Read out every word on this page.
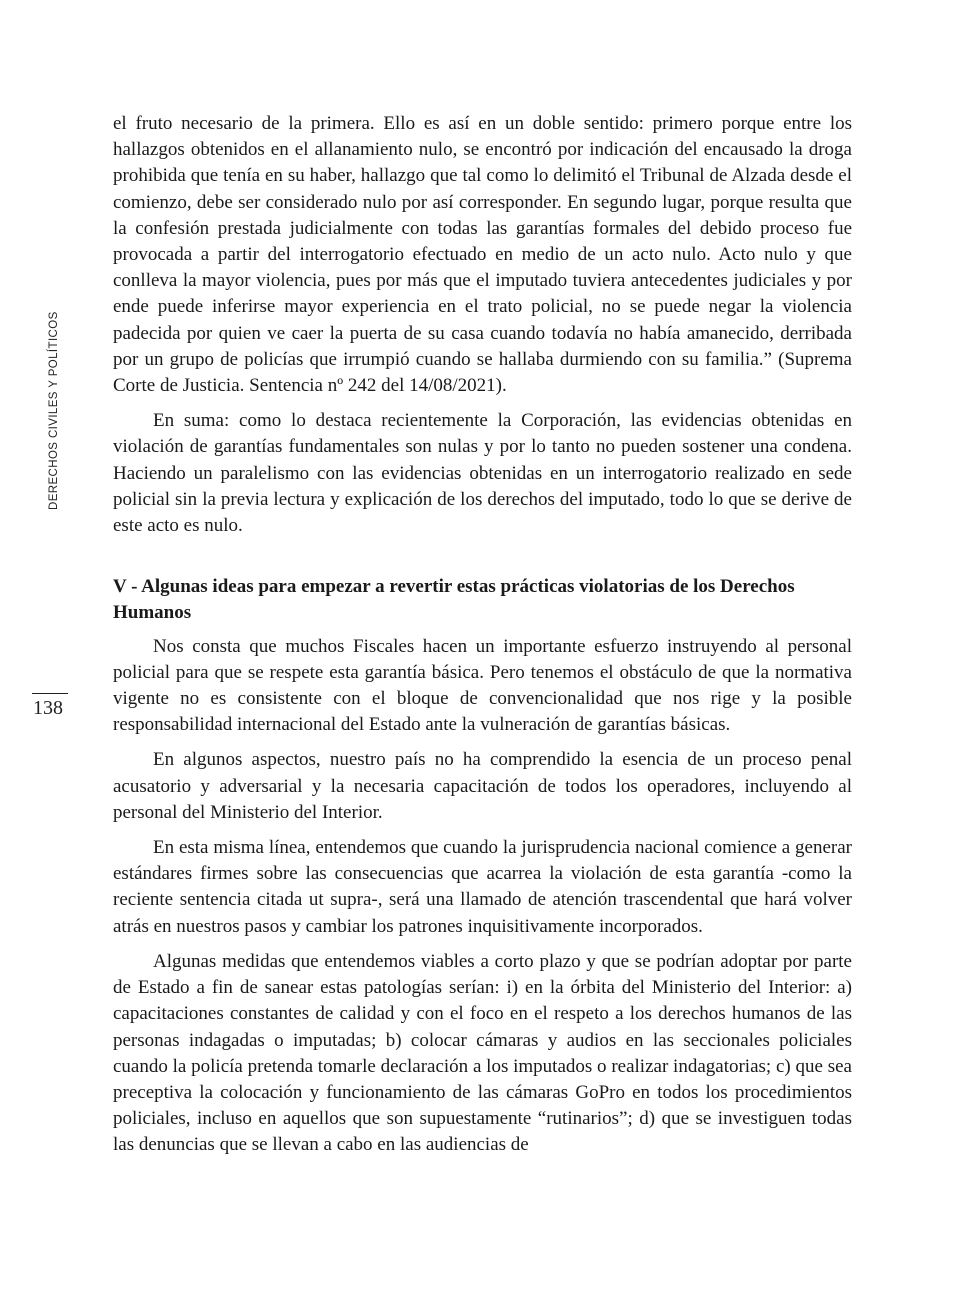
DERECHOS CIVILES Y POLÍTICOS
138

el fruto necesario de la primera. Ello es así en un doble sentido: primero porque entre los hallazgos obtenidos en el allanamiento nulo, se encontró por indicación del encausado la droga prohibida que tenía en su haber, hallazgo que tal como lo delimitó el Tribunal de Alzada desde el comienzo, debe ser considerado nulo por así corresponder. En segundo lugar, porque resulta que la confesión prestada judicialmente con todas las garantías formales del debido proceso fue provocada a partir del interrogatorio efectuado en medio de un acto nulo. Acto nulo y que conlleva la mayor violencia, pues por más que el imputado tuviera antecedentes judiciales y por ende puede inferirse mayor experiencia en el trato policial, no se puede negar la violencia padecida por quien ve caer la puerta de su casa cuando todavía no había amanecido, derribada por un grupo de policías que irrumpió cuando se hallaba durmiendo con su familia.” (Suprema Corte de Justicia. Sentencia nº 242 del 14/08/2021).

En suma: como lo destaca recientemente la Corporación, las evidencias obtenidas en violación de garantías fundamentales son nulas y por lo tanto no pueden sostener una condena. Haciendo un paralelismo con las evidencias obtenidas en un interrogatorio realizado en sede policial sin la previa lectura y explicación de los derechos del imputado, todo lo que se derive de este acto es nulo.

V - Algunas ideas para empezar a revertir estas prácticas violatorias de los Derechos Humanos

Nos consta que muchos Fiscales hacen un importante esfuerzo instruyendo al personal policial para que se respete esta garantía básica. Pero tenemos el obstáculo de que la normativa vigente no es consistente con el bloque de convencionalidad que nos rige y la posible responsabilidad internacional del Estado ante la vulneración de garantías básicas.

En algunos aspectos, nuestro país no ha comprendido la esencia de un proceso penal acusatorio y adversarial y la necesaria capacitación de todos los operadores, incluyendo al personal del Ministerio del Interior.

En esta misma línea, entendemos que cuando la jurisprudencia nacional comience a generar estándares firmes sobre las consecuencias que acarrea la violación de esta garantía -como la reciente sentencia citada ut supra-, será una llamado de atención trascendental que hará volver atrás en nuestros pasos y cambiar los patrones inquisitivamente incorporados.

Algunas medidas que entendemos viables a corto plazo y que se podrían adoptar por parte de Estado a fin de sanear estas patologías serían: i) en la órbita del Ministerio del Interior: a) capacitaciones constantes de calidad y con el foco en el respeto a los derechos humanos de las personas indagadas o imputadas; b) colocar cámaras y audios en las seccionales policiales cuando la policía pretenda tomarle declaración a los imputados o realizar indagatorias; c) que sea preceptiva la colocación y funcionamiento de las cámaras GoPro en todos los procedimientos policiales, incluso en aquellos que son supuestamente “rutinarios”; d) que se investiguen todas las denuncias que se llevan a cabo en las audiencias de
